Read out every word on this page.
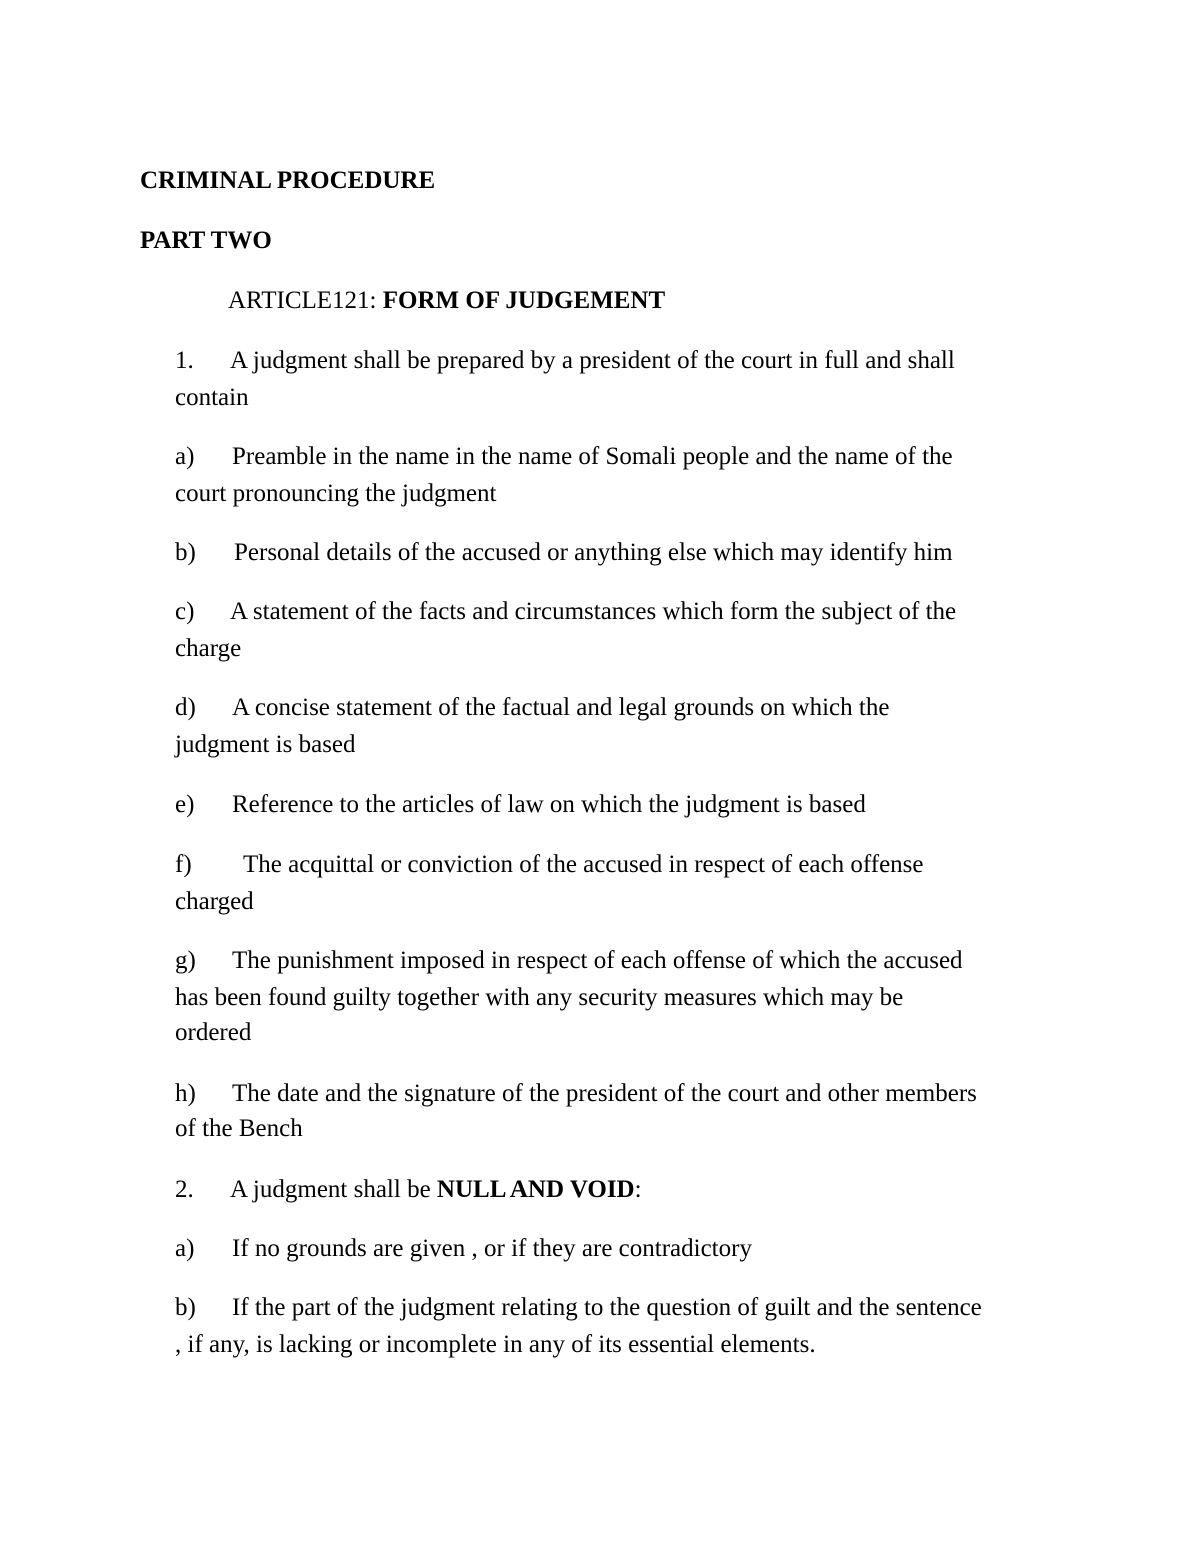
CRIMINAL PROCEDURE
PART TWO
ARTICLE121: FORM OF JUDGEMENT
1. A judgment shall be prepared by a president of the court in full and shall
contain
a) Preamble in the name in the name of Somali people and the name of the
court pronouncing the judgment
b) Personal details of the accused or anything else which may identify him
c) A statement of the facts and circumstances which form the subject of the
charge
d) A concise statement of the factual and legal grounds on which the
judgment is based
e) Reference to the articles of law on which the judgment is based
f) The acquittal or conviction of the accused in respect of each offense
charged
g) The punishment imposed in respect of each offense of which the accused
has been found guilty together with any security measures which may be
ordered
h) The date and the signature of the president of the court and other members
of the Bench
2. A judgment shall be NULL AND VOID:
a) If no grounds are given , or if they are contradictory
b) If the part of the judgment relating to the question of guilt and the sentence
, if any, is lacking or incomplete in any of its essential elements.
